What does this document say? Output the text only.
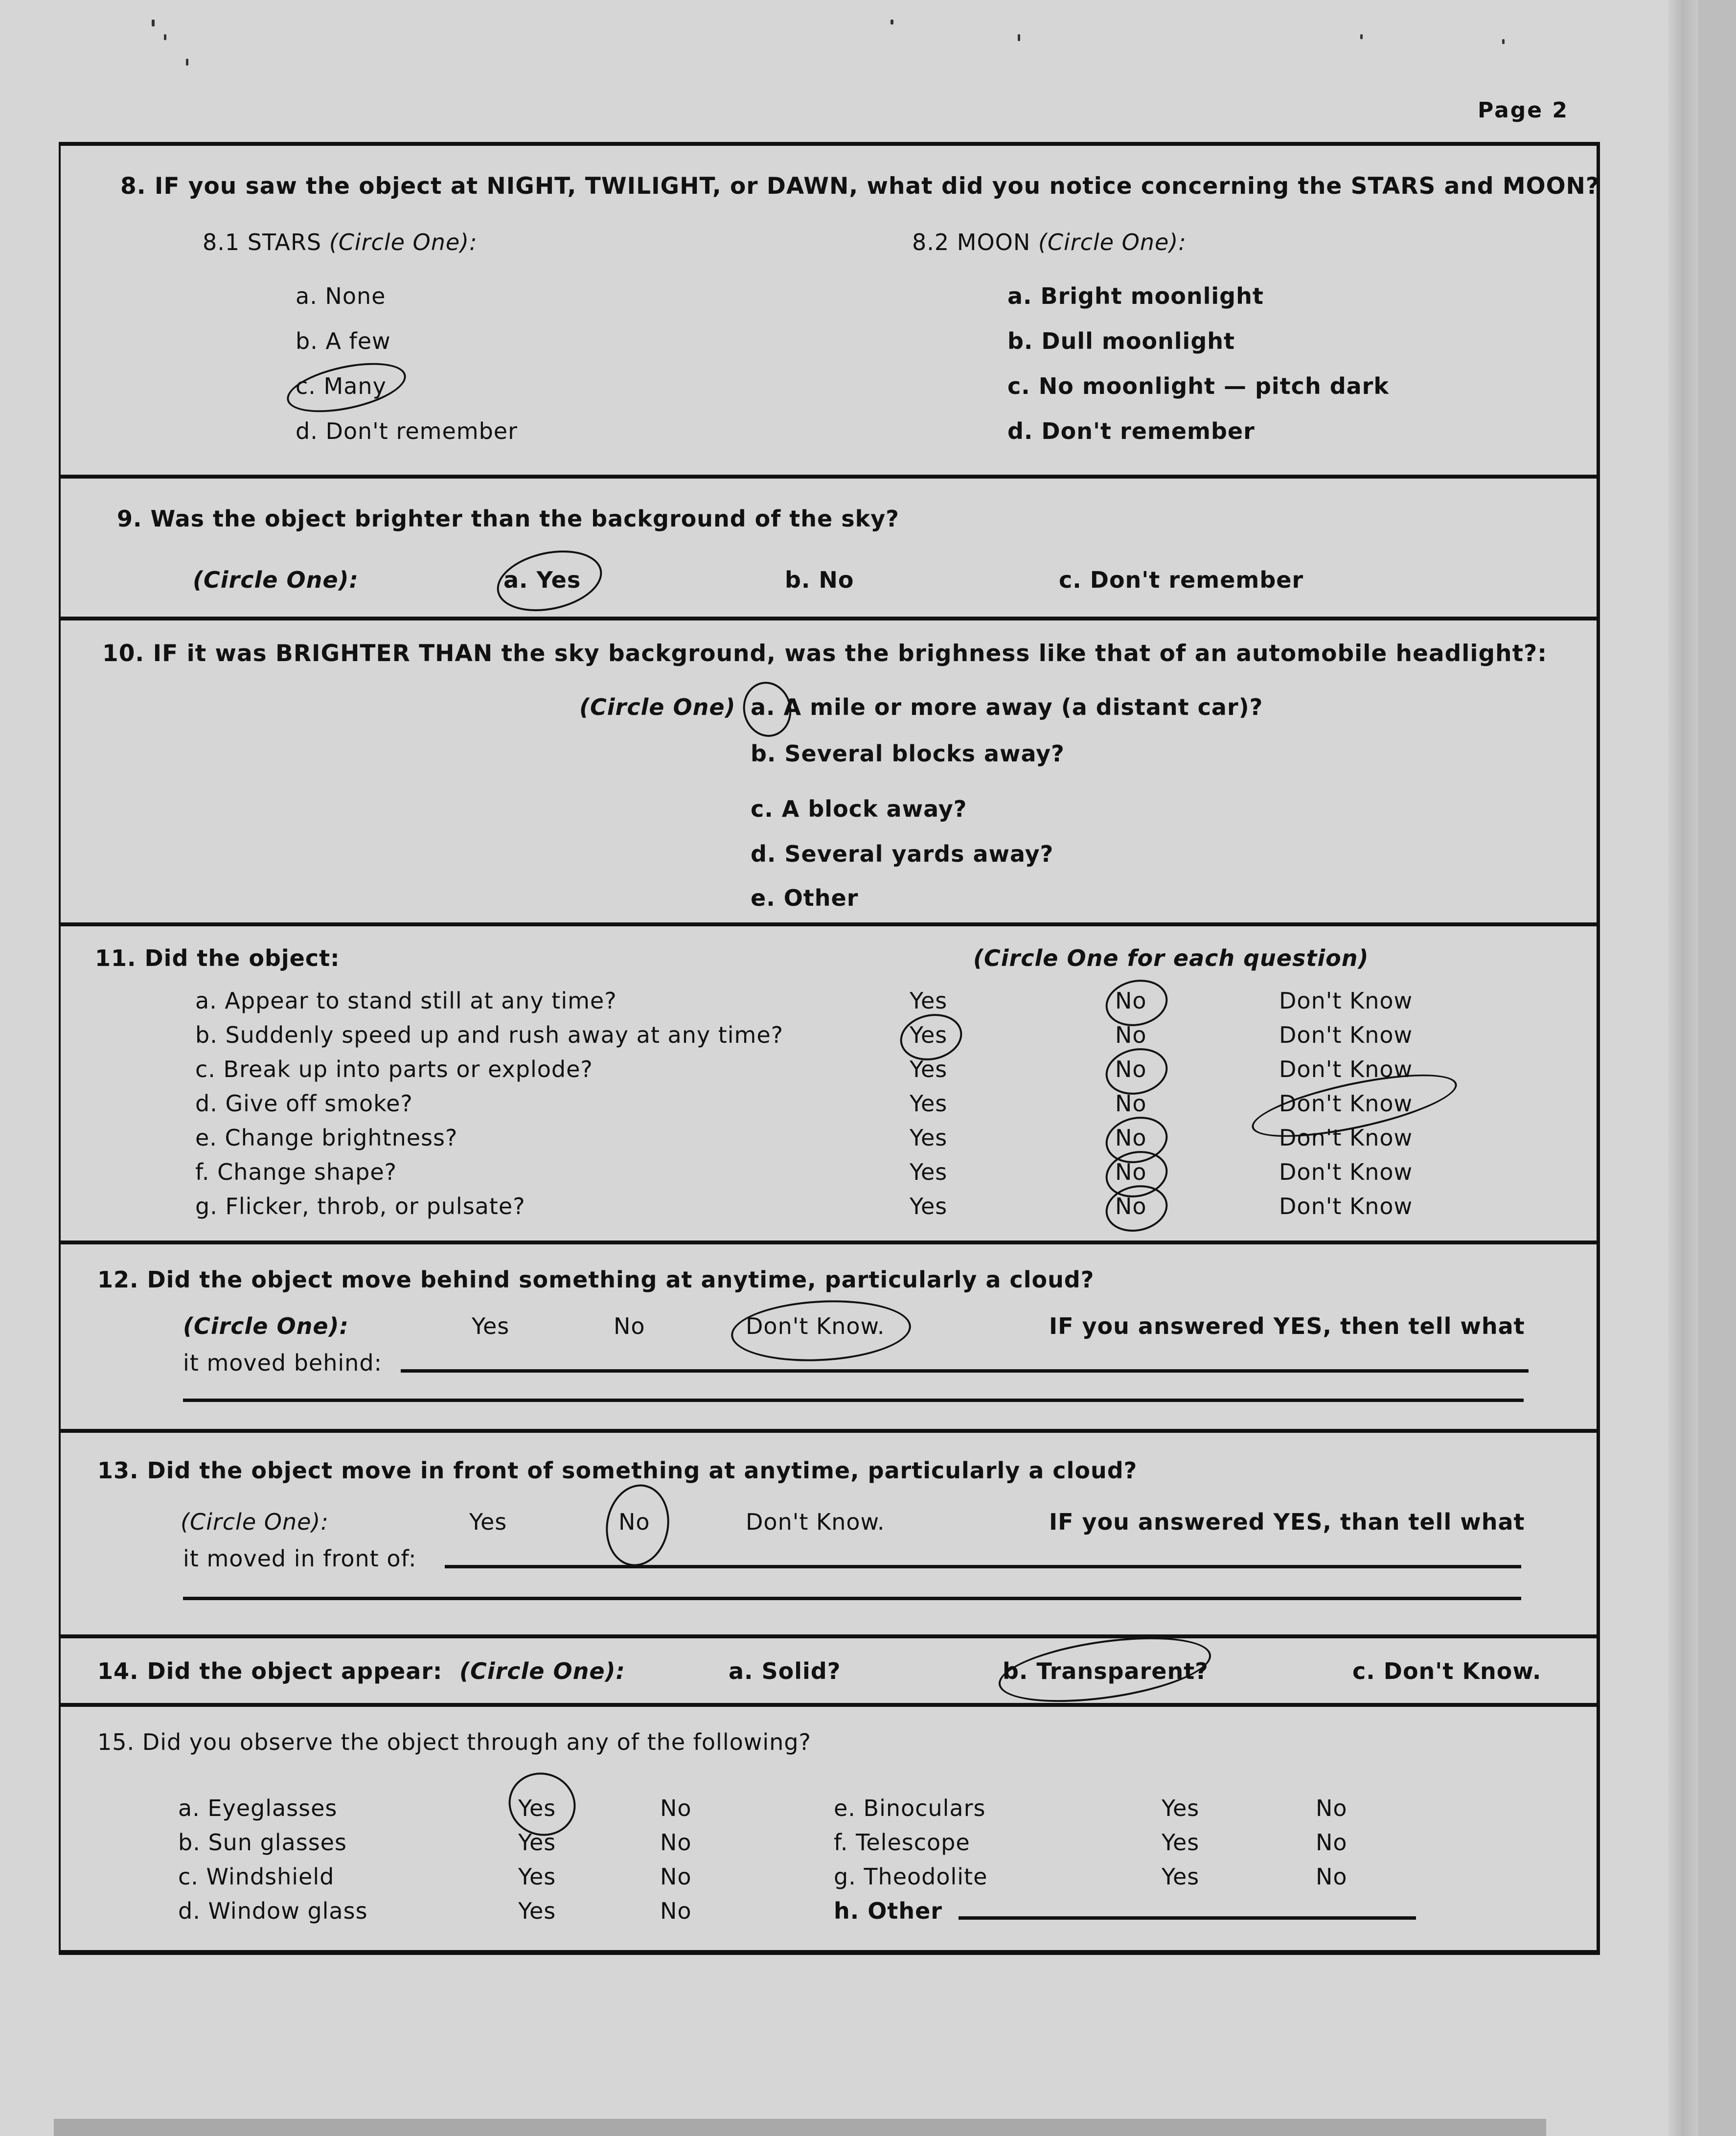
Page 2
8. IF you saw the object at NIGHT, TWILIGHT, or DAWN, what did you notice concerning the STARS and MOON?
8.1 STARS (Circle One):
a. None
b. A few
c. Many
d. Don't remember
8.2 MOON (Circle One):
a. Bright moonlight
b. Dull moonlight
c. No moonlight — pitch dark
d. Don't remember
9. Was the object brighter than the background of the sky?
(Circle One):	a. Yes	b. No	c. Don't remember
10. IF it was BRIGHTER THAN the sky background, was the brighness like that of an automobile headlight?:
(Circle One) a. A mile or more away (a distant car)?
b. Several blocks away?
c. A block away?
d. Several yards away?
e. Other
11. Did the object:	(Circle One for each question)
a. Appear to stand still at any time?	Yes	No	Don't Know
b. Suddenly speed up and rush away at any time?	Yes	No	Don't Know
c. Break up into parts or explode?	Yes	No	Don't Know
d. Give off smoke?	Yes	No	Don't Know
e. Change brightness?	Yes	No	Don't Know
f. Change shape?	Yes	No	Don't Know
g. Flicker, throb, or pulsate?	Yes	No	Don't Know
12. Did the object move behind something at anytime, particularly a cloud?
(Circle One):	Yes	No	Don't Know.	IF you answered YES, then tell what
it moved behind:
13. Did the object move in front of something at anytime, particularly a cloud?
(Circle One):	Yes	No	Don't Know.	IF you answered YES, than tell what
it moved in front of:
14. Did the object appear: (Circle One):	a. Solid?	b. Transparent?	c. Don't Know.
15. Did you observe the object through any of the following?
a. Eyeglasses	Yes	No
b. Sun glasses	Yes	No
c. Windshield	Yes	No
d. Window glass	Yes	No
e. Binoculars	Yes	No
f. Telescope	Yes	No
g. Theodolite	Yes	No
h. Other
